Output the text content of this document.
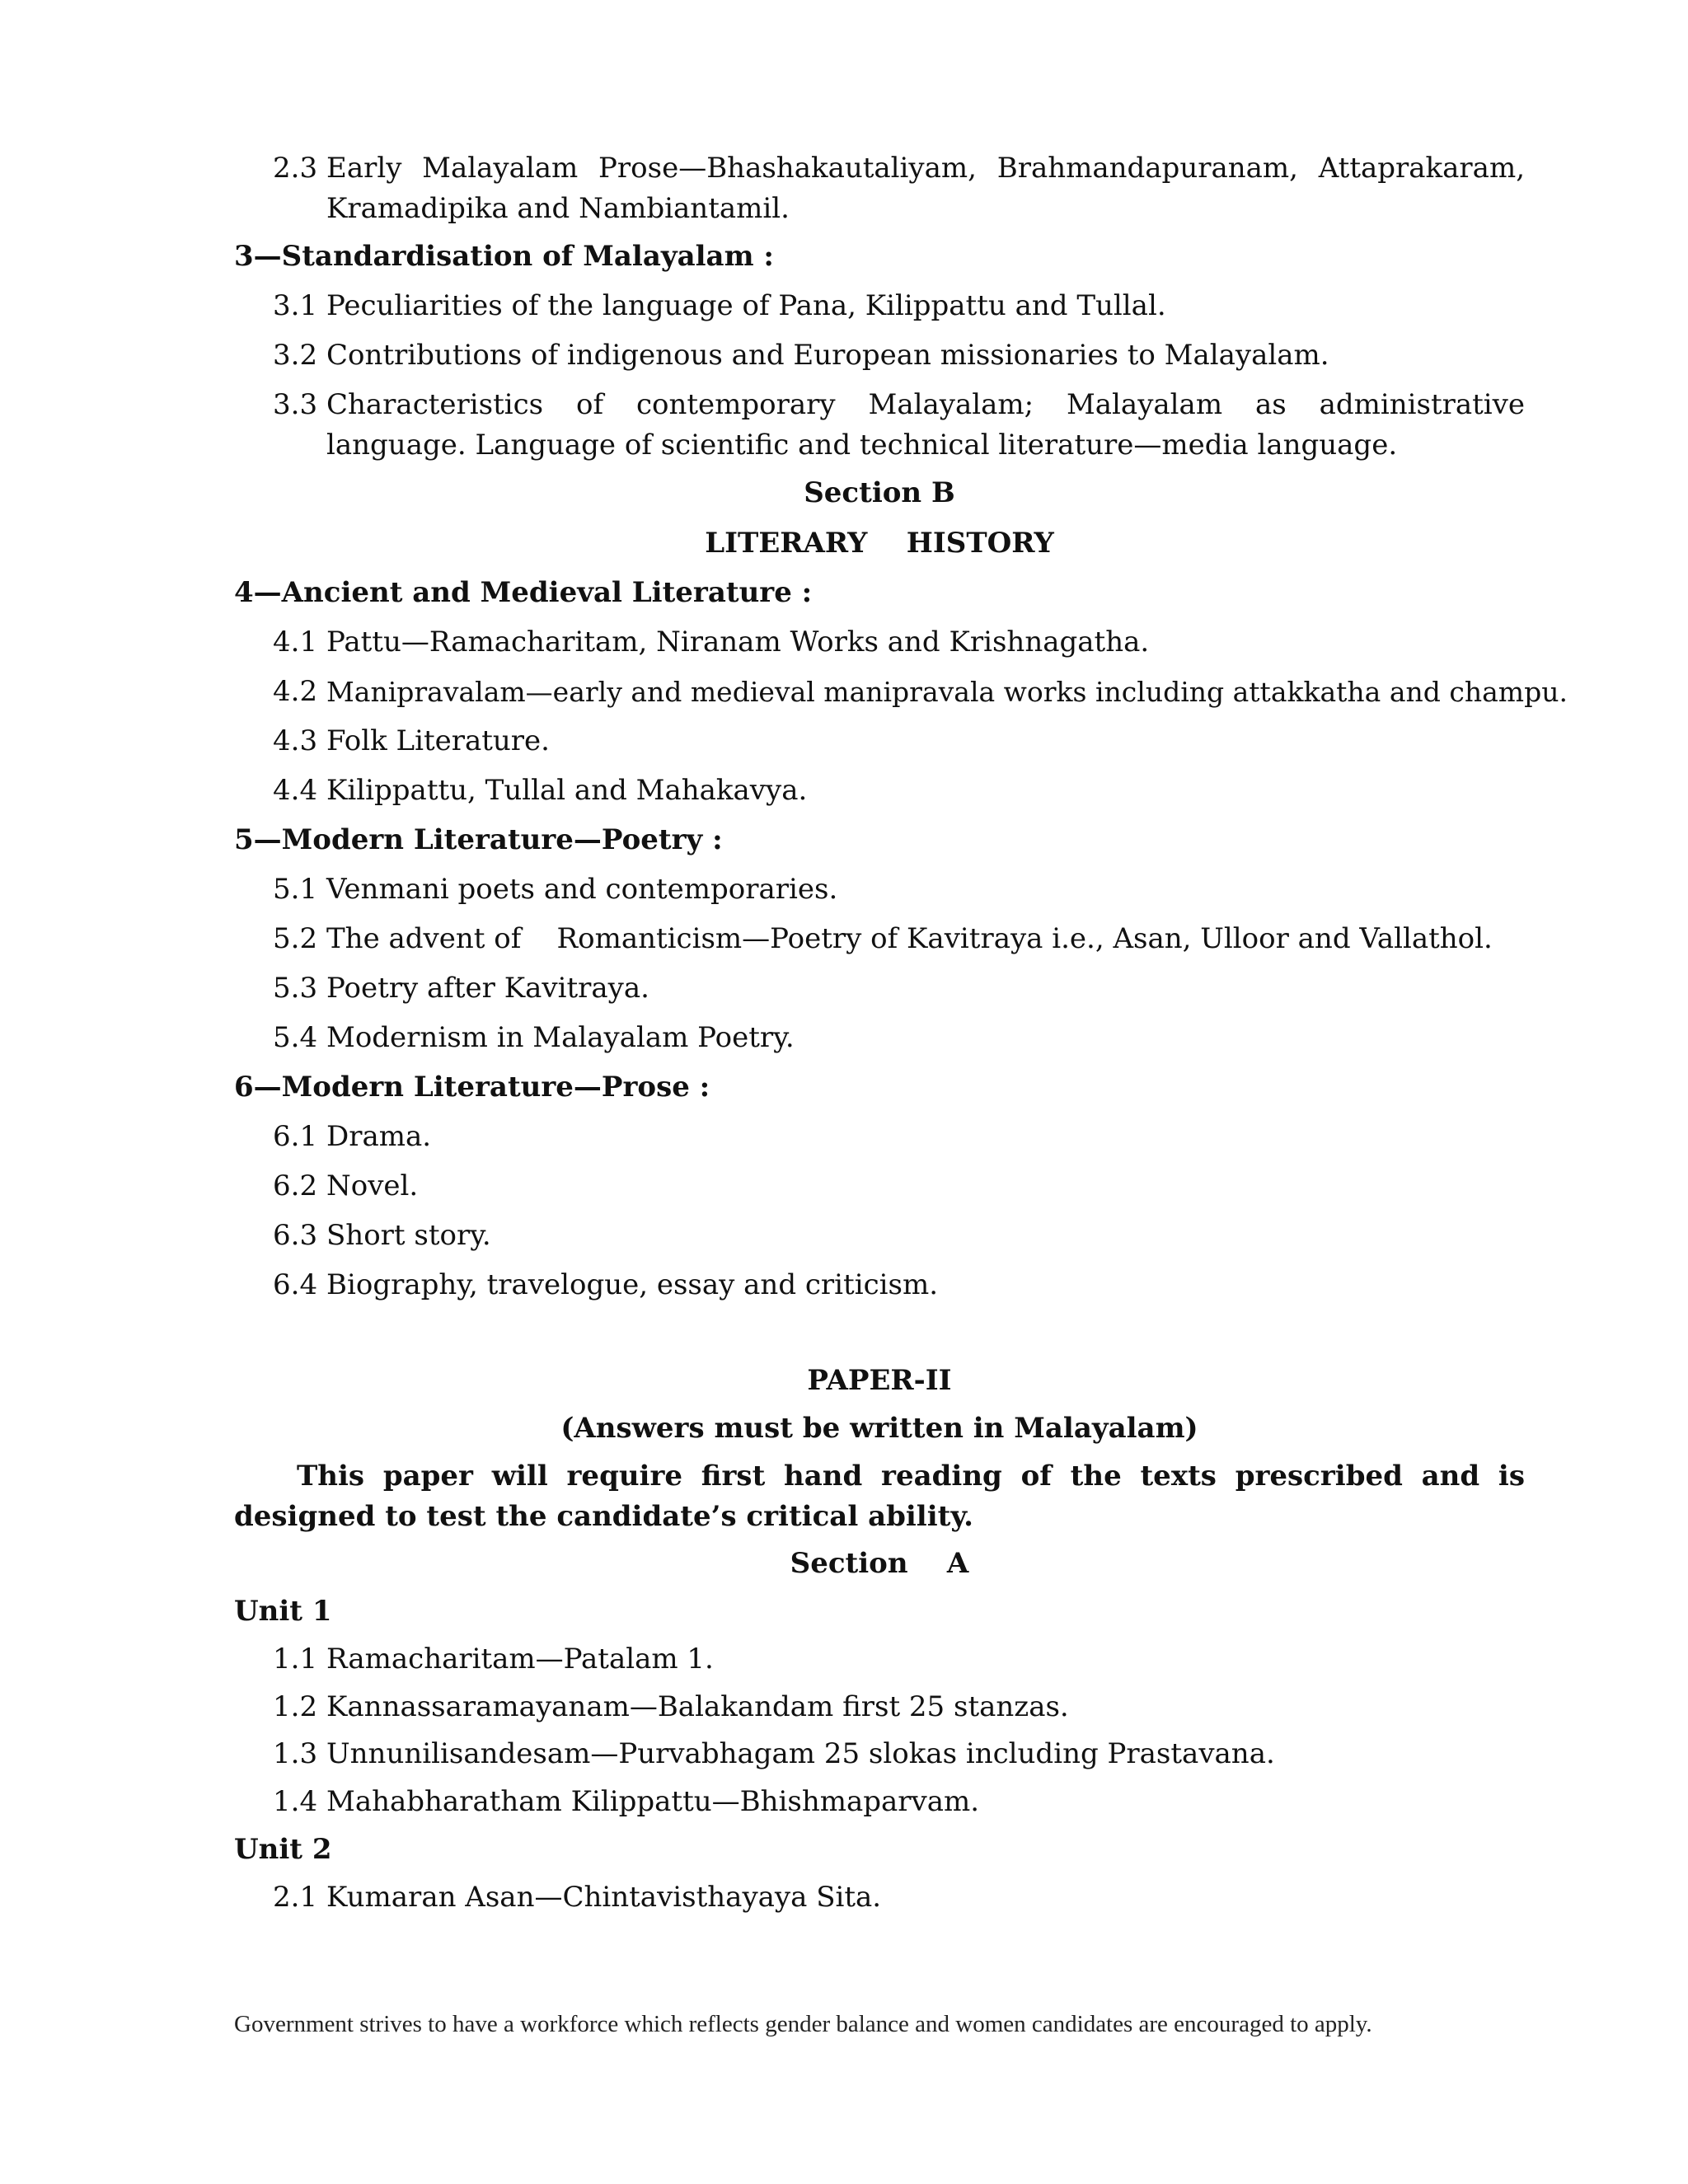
2.3 Early Malayalam Prose—Bhashakautaliyam, Brahmandapuranam, Attaprakaram, Kramadipika and Nambiantamil.
3—Standardisation of Malayalam :
3.1 Peculiarities of the language of Pana, Kilippattu and Tullal.
3.2 Contributions of indigenous and European missionaries to Malayalam.
3.3 Characteristics of contemporary Malayalam; Malayalam as administrative language. Language of scientific and technical literature—media language.
Section B
LITERARY    HISTORY
4—Ancient and Medieval Literature :
4.1 Pattu—Ramacharitam, Niranam Works and Krishnagatha.
4.2 Manipravalam—early and medieval manipravala works including attakkatha and champu.
4.3 Folk Literature.
4.4 Kilippattu, Tullal and Mahakavya.
5—Modern Literature—Poetry :
5.1 Venmani poets and contemporaries.
5.2 The advent of    Romanticism—Poetry of Kavitraya i.e., Asan, Ulloor and Vallathol.
5.3 Poetry after Kavitraya.
5.4 Modernism in Malayalam Poetry.
6—Modern Literature—Prose :
6.1 Drama.
6.2 Novel.
6.3 Short story.
6.4 Biography, travelogue, essay and criticism.
PAPER-II
(Answers must be written in Malayalam)
This paper will require first hand reading of the texts prescribed and is designed to test the candidate’s critical ability.
Section    A
Unit 1
1.1 Ramacharitam—Patalam 1.
1.2 Kannassaramayanam—Balakandam first 25 stanzas.
1.3 Unnunilisandesam—Purvabhagam 25 slokas including Prastavana.
1.4 Mahabharatham Kilippattu—Bhishmaparvam.
Unit 2
2.1 Kumaran Asan—Chintavisthayaya Sita.
Government strives to have a workforce which reflects gender balance and women candidates are encouraged to apply.
